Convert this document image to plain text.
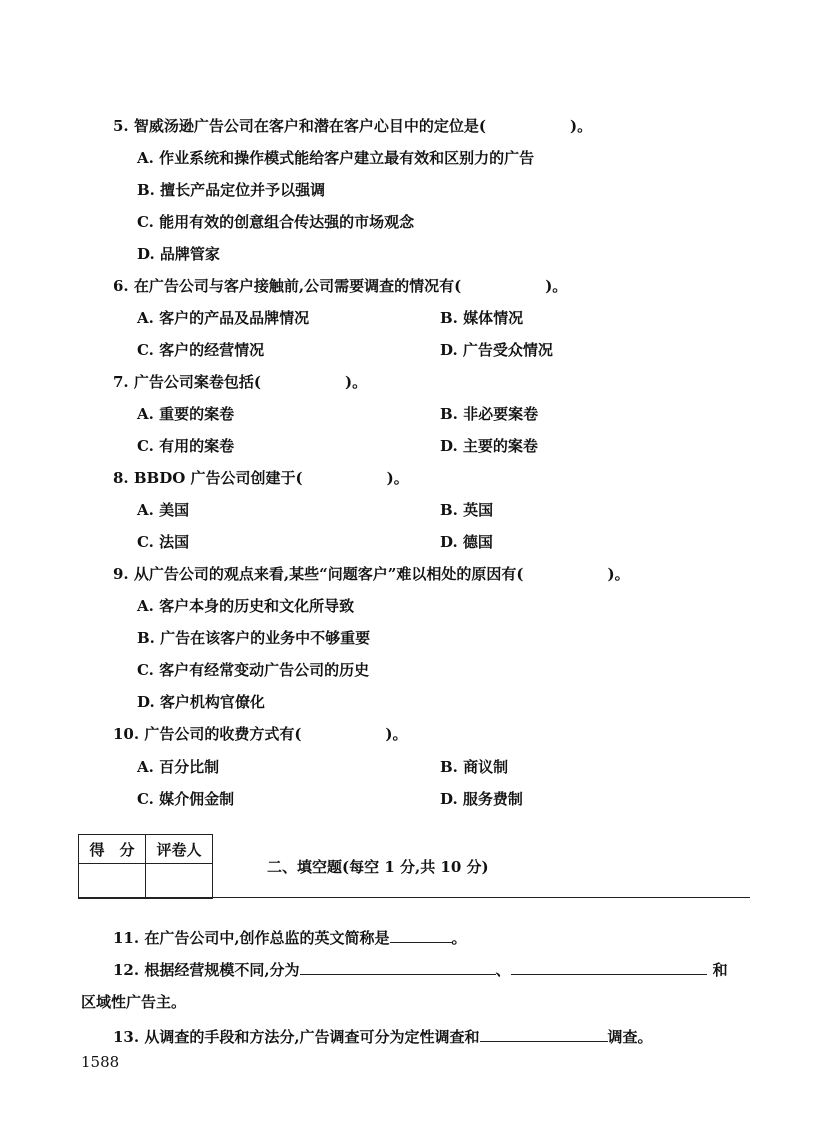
5. 智威汤逊广告公司在客户和潜在客户心目中的定位是(	)。
A. 作业系统和操作模式能给客户建立最有效和区别力的广告
B. 擅长产品定位并予以强调
C. 能用有效的创意组合传达强的市场观念
D. 品牌管家
6. 在广告公司与客户接触前,公司需要调查的情况有(	)。
A. 客户的产品及品牌情况	B. 媒体情况
C. 客户的经营情况	D. 广告受众情况
7. 广告公司案卷包括(	)。
A. 重要的案卷	B. 非必要案卷
C. 有用的案卷	D. 主要的案卷
8. BBDO 广告公司创建于(	)。
A. 美国	B. 英国
C. 法国	D. 德国
9. 从广告公司的观点来看,某些“问题客户”难以相处的原因有(	)。
A. 客户本身的历史和文化所导致
B. 广告在该客户的业务中不够重要
C. 客户有经常变动广告公司的历史
D. 客户机构官僚化
10. 广告公司的收费方式有(	)。
A. 百分比制	B. 商议制
C. 媒介佣金制	D. 服务费制
得　分	评卷人

二、填空题(每空 1 分,共 10 分)
11. 在广告公司中,创作总监的英文简称是	。
12. 根据经营规模不同,分为	、	和
区域性广告主。
13. 从调查的手段和方法分,广告调查可分为定性调查和	调查。
1588
